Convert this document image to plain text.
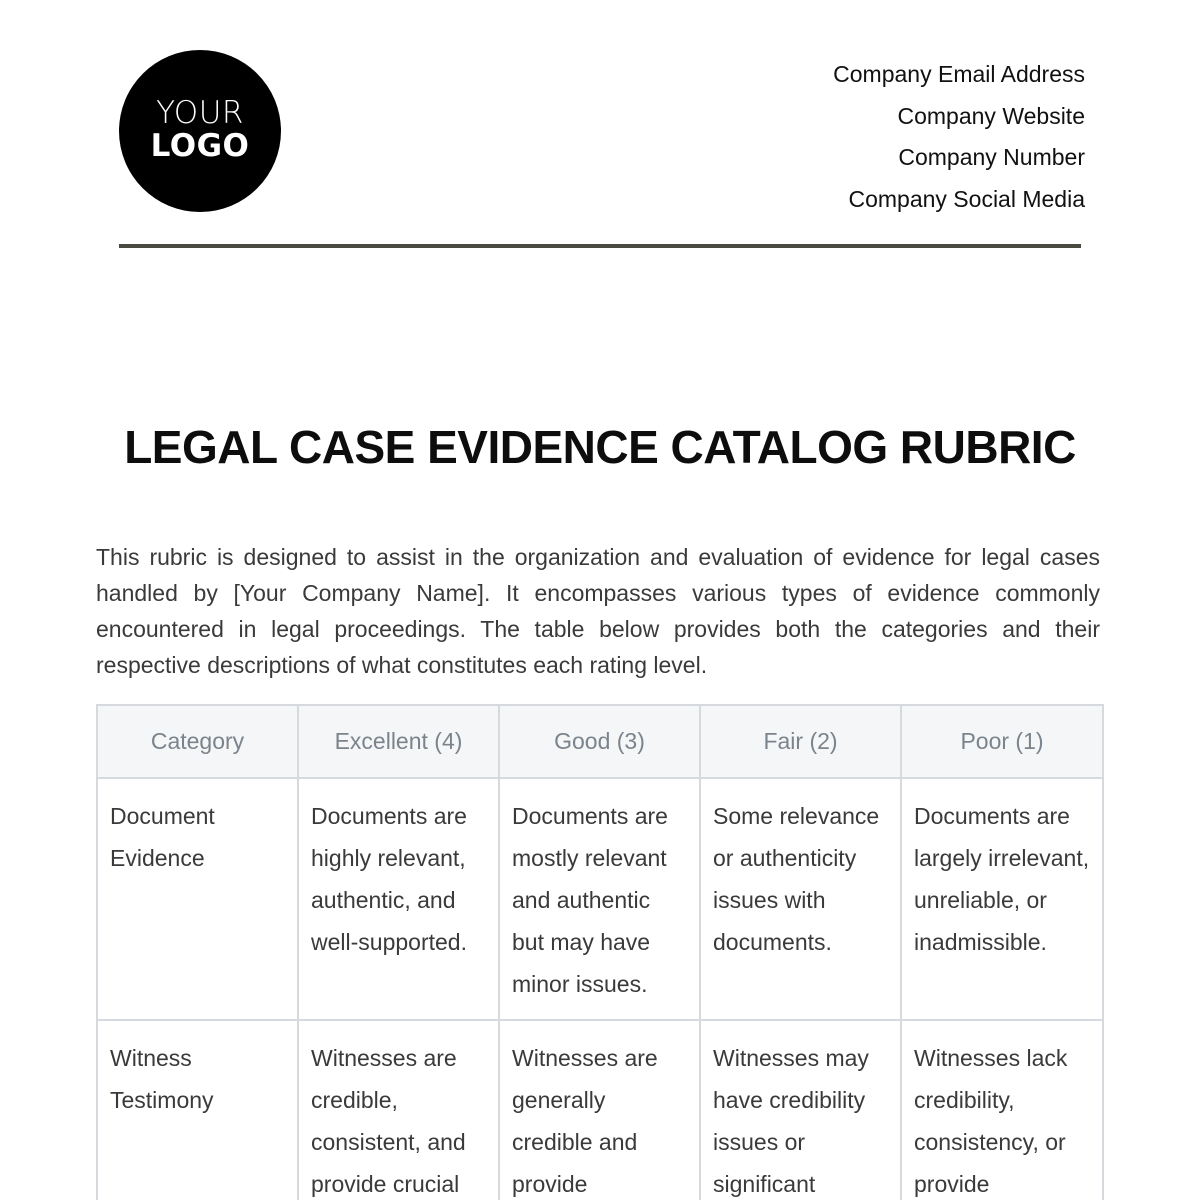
YOUR
LOGO
Company Email Address
Company Website
Company Number
Company Social Media
LEGAL CASE EVIDENCE CATALOG RUBRIC

This rubric is designed to assist in the organization and evaluation of evidence for legal cases handled by [Your Company Name]. It encompasses various types of evidence commonly encountered in legal proceedings. The table below provides both the categories and their respective descriptions of what constitutes each rating level.

Category	Excellent (4)	Good (3)	Fair (2)	Poor (1)
Document Evidence	Documents are highly relevant, authentic, and well-supported.	Documents are mostly relevant and authentic but may have minor issues.	Some relevance or authenticity issues with documents.	Documents are largely irrelevant, unreliable, or inadmissible.
Witness Testimony	Witnesses are credible, consistent, and provide crucial	Witnesses are generally credible and provide	Witnesses may have credibility issues or significant	Witnesses lack credibility, consistency, or provide
